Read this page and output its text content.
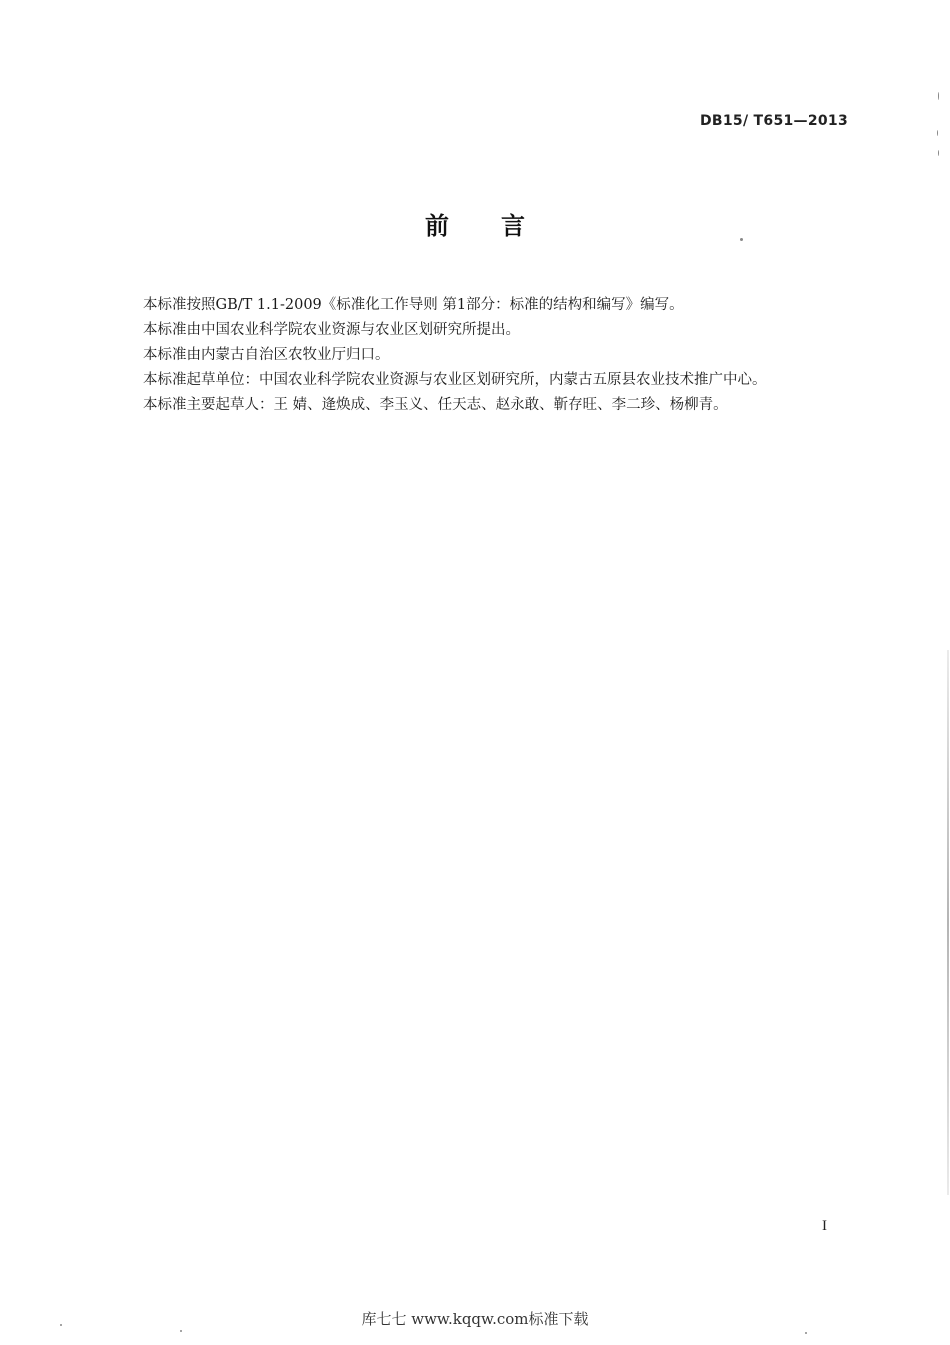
DB15/ T651—2013
前 言

本标准按照GB/T 1.1-2009《标准化工作导则 第1部分：标准的结构和编写》编写。

本标准由中国农业科学院农业资源与农业区划研究所提出。

本标准由内蒙古自治区农牧业厅归口。

本标准起草单位：中国农业科学院农业资源与农业区划研究所，内蒙古五原县农业技术推广中心。

本标准主要起草人：王 婧、逄焕成、李玉义、任天志、赵永敢、靳存旺、李二珍、杨柳青。

I
库七七 www.kqqw.com标准下载
